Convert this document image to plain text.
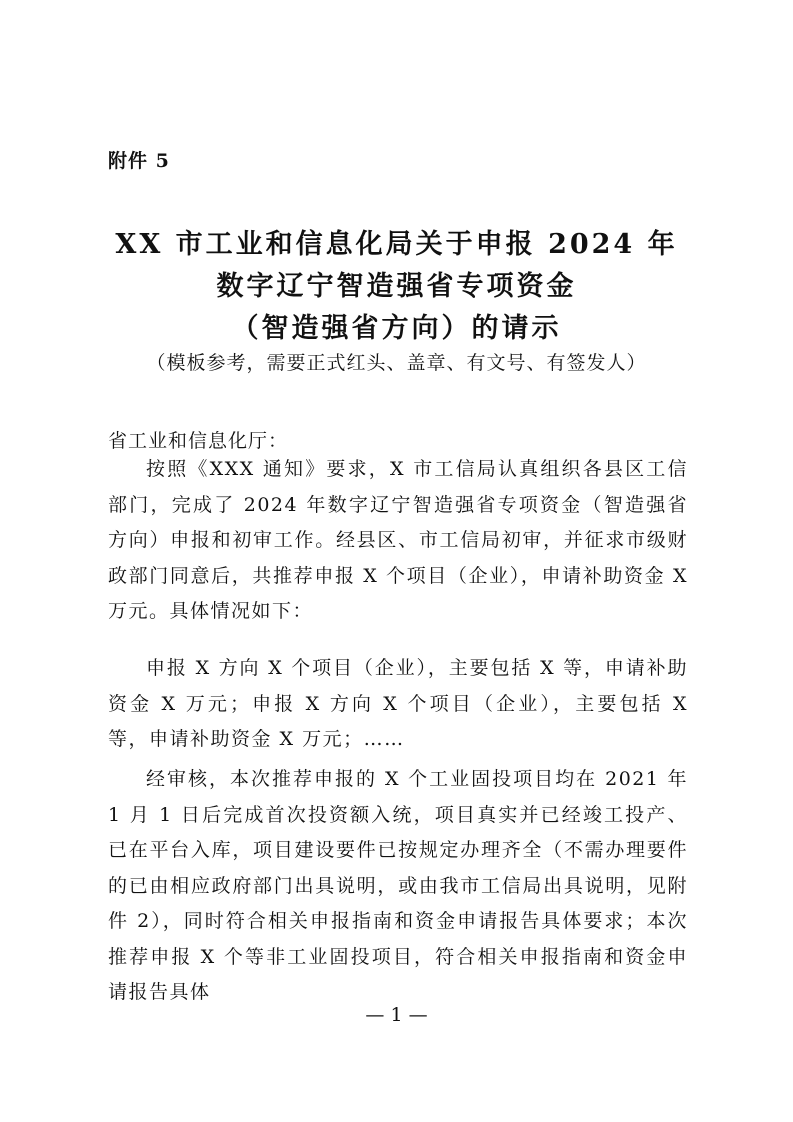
附件 5
XX 市工业和信息化局关于申报 2024 年
数字辽宁智造强省专项资金
（智造强省方向）的请示
（模板参考，需要正式红头、盖章、有文号、有签发人）
省工业和信息化厅：

按照《XXX 通知》要求，X 市工信局认真组织各县区工信部门，完成了 2024 年数字辽宁智造强省专项资金（智造强省方向）申报和初审工作。经县区、市工信局初审，并征求市级财政部门同意后，共推荐申报 X 个项目（企业），申请补助资金 X 万元。具体情况如下：

申报 X 方向 X 个项目（企业），主要包括 X 等，申请补助资金 X 万元；申报 X 方向 X 个项目（企业），主要包括 X 等，申请补助资金 X 万元；……

经审核，本次推荐申报的 X 个工业固投项目均在 2021 年 1 月 1 日后完成首次投资额入统，项目真实并已经竣工投产、已在平台入库，项目建设要件已按规定办理齐全（不需办理要件的已由相应政府部门出具说明，或由我市工信局出具说明，见附件 2），同时符合相关申报指南和资金申请报告具体要求；本次推荐申报 X 个等非工业固投项目，符合相关申报指南和资金申请报告具体

— 1 —
